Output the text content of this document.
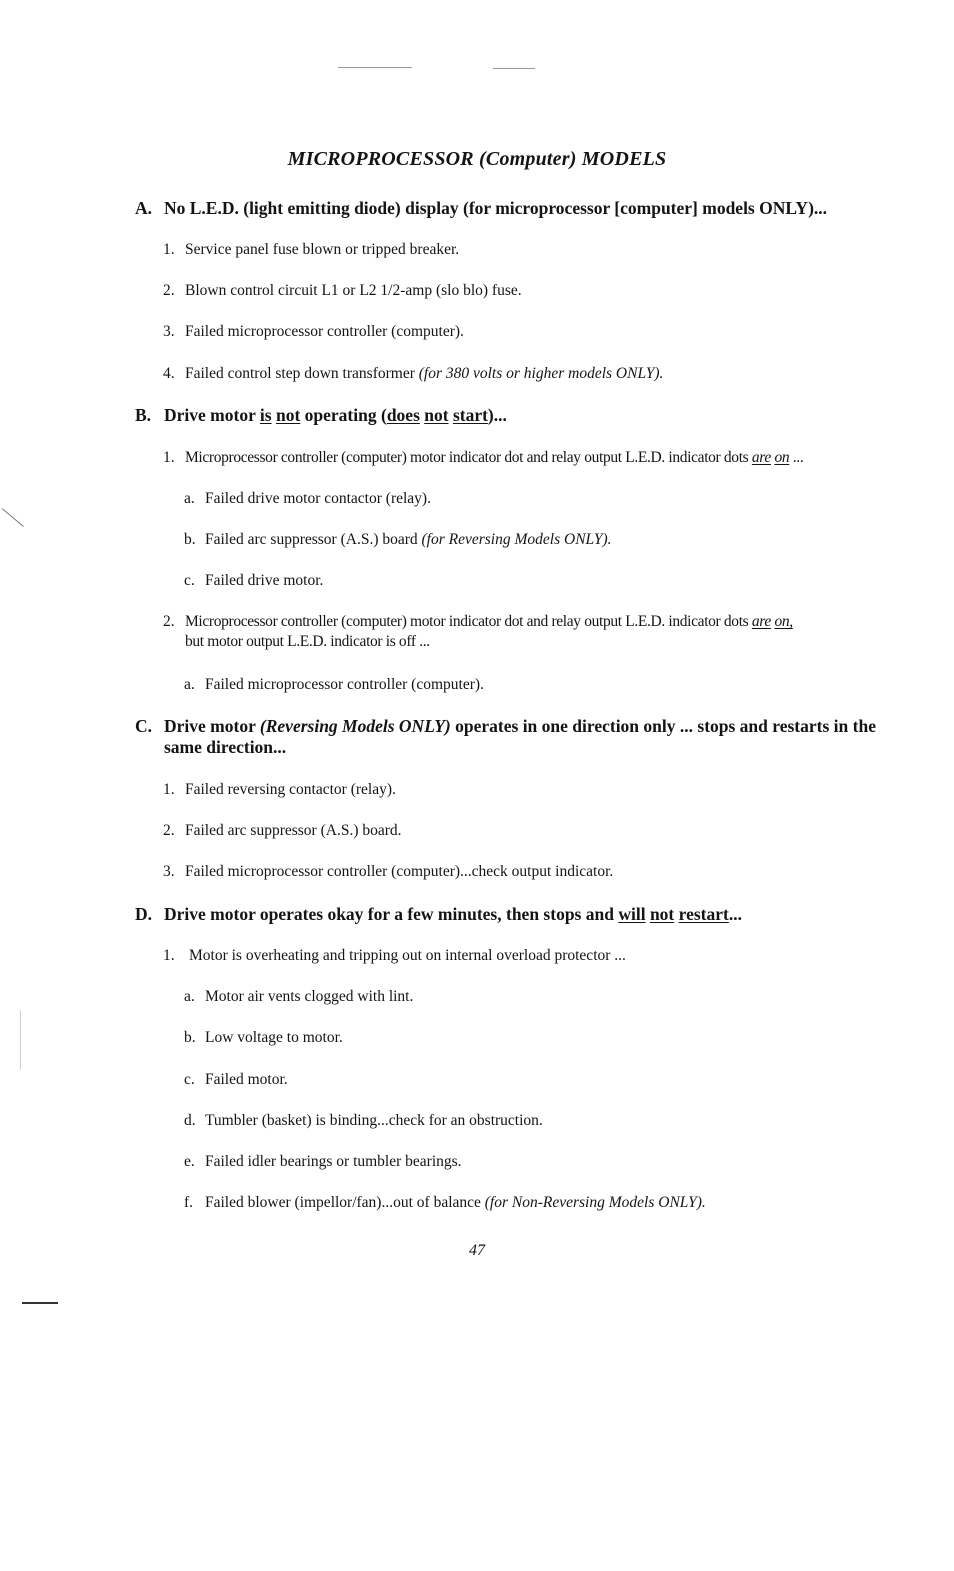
MICROPROCESSOR (Computer) MODELS
A. No L.E.D. (light emitting diode) display (for microprocessor [computer] models ONLY)...
1. Service panel fuse blown or tripped breaker.
2. Blown control circuit L1 or L2 1/2-amp (slo blo) fuse.
3. Failed microprocessor controller (computer).
4. Failed control step down transformer (for 380 volts or higher models ONLY).
B. Drive motor is not operating (does not start)...
1. Microprocessor controller (computer) motor indicator dot and relay output L.E.D. indicator dots are on ...
a. Failed drive motor contactor (relay).
b. Failed arc suppressor (A.S.) board (for Reversing Models ONLY).
c. Failed drive motor.
2. Microprocessor controller (computer) motor indicator dot and relay output L.E.D. indicator dots are on,
but motor output L.E.D. indicator is off ...
a. Failed microprocessor controller (computer).
C. Drive motor (Reversing Models ONLY) operates in one direction only ... stops and restarts in the same direction...
1. Failed reversing contactor (relay).
2. Failed arc suppressor (A.S.) board.
3. Failed microprocessor controller (computer)...check output indicator.
D. Drive motor operates okay for a few minutes, then stops and will not restart...
1. Motor is overheating and tripping out on internal overload protector ...
a. Motor air vents clogged with lint.
b. Low voltage to motor.
c. Failed motor.
d. Tumbler (basket) is binding...check for an obstruction.
e. Failed idler bearings or tumbler bearings.
f. Failed blower (impellor/fan)...out of balance (for Non-Reversing Models ONLY).
47
